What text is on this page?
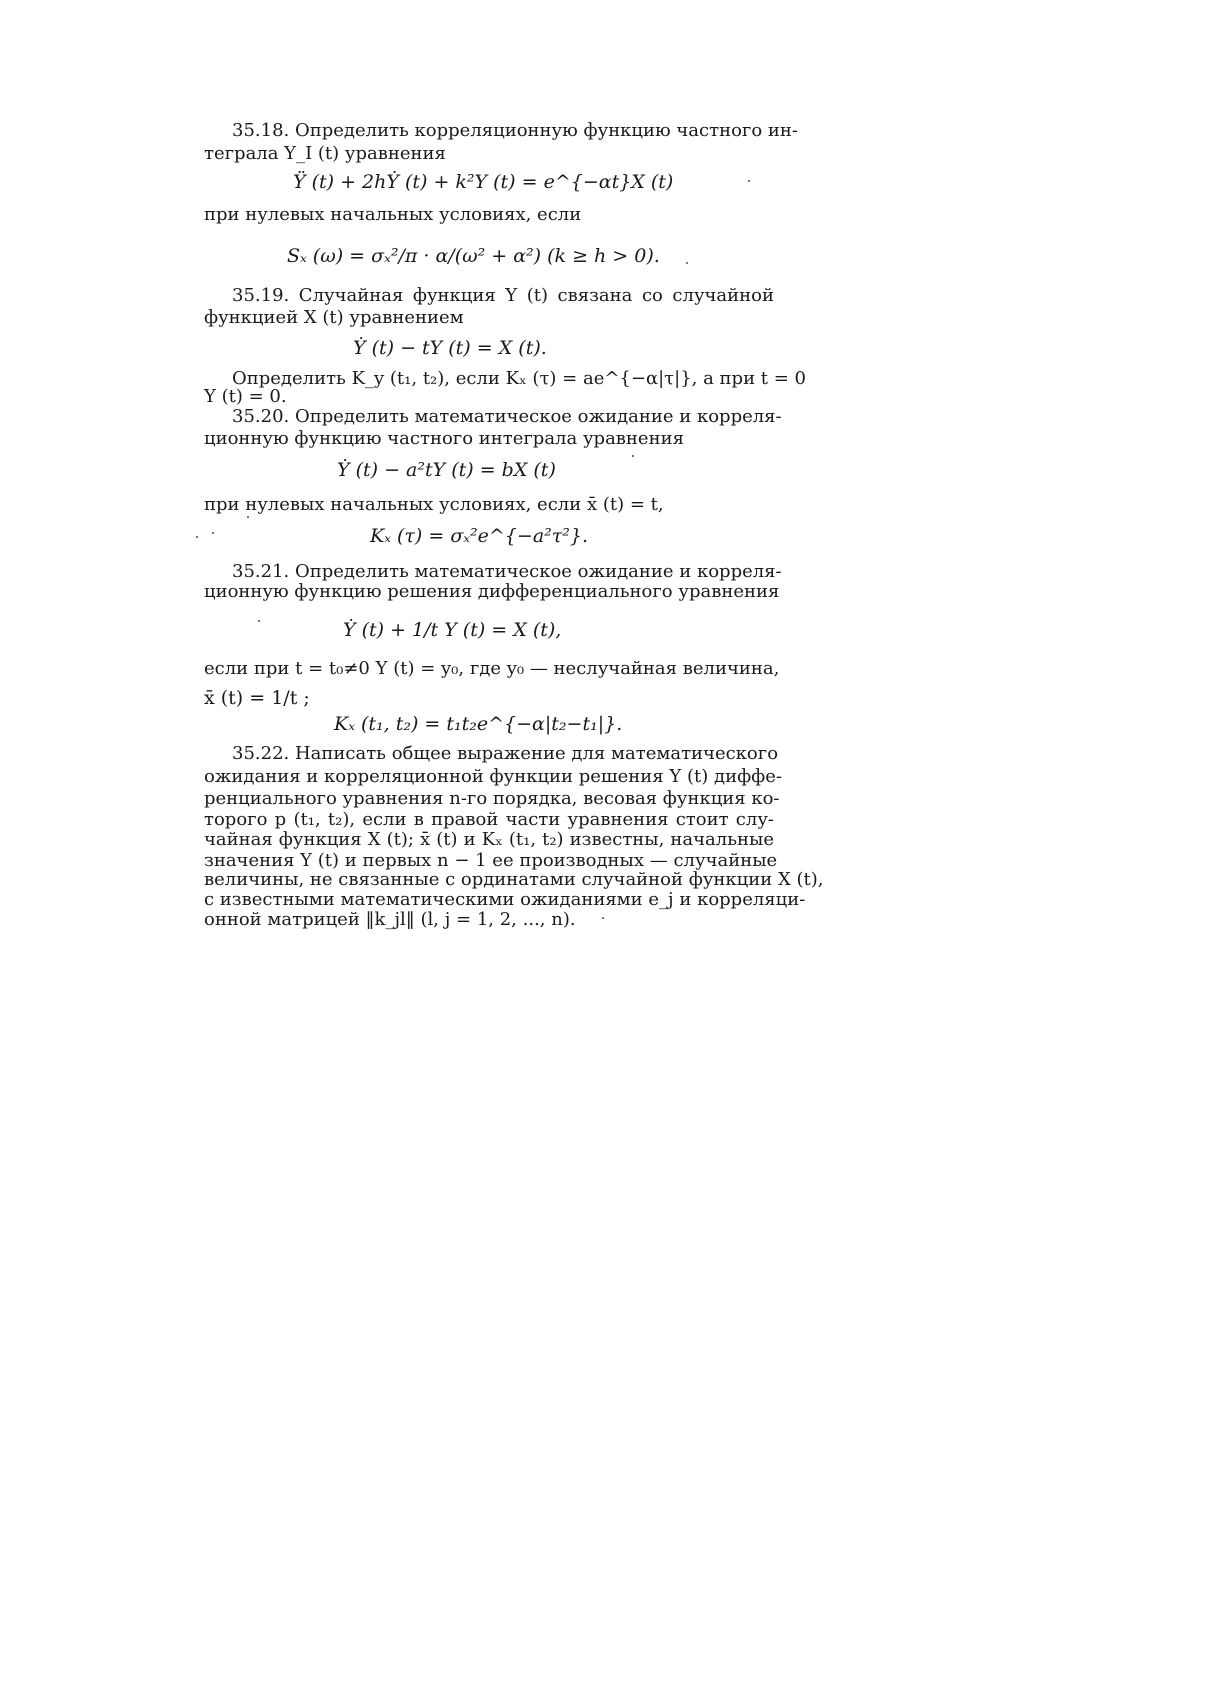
35.18. Определить корреляционную функцию частного ин-
теграла Y_I (t) уравнения
Ÿ (t) + 2hẎ (t) + k²Y (t) = e^{−αt}X (t)
при нулевых начальных условиях, если
Sₓ (ω) = σₓ²/π · α/(ω² + α²) (k ≥ h > 0).
35.19. Случайная функция Y (t) связана со случайной
функцией X (t) уравнением
Ẏ (t) − tY (t) = X (t).
Определить K_y (t₁, t₂), если Kₓ (τ) = ae^{−α|τ|}, а при t = 0
Y (t) = 0.
35.20. Определить математическое ожидание и корреля-
ционную функцию частного интеграла уравнения
Ẏ (t) − a²tY (t) = bX (t)
при нулевых начальных условиях, если x̄ (t) = t,
Kₓ (τ) = σₓ²e^{−a²τ²}.
35.21. Определить математическое ожидание и корреля-
ционную функцию решения дифференциального уравнения
Ẏ (t) + 1/t Y (t) = X (t),
если при t = t₀≠0 Y (t) = y₀, где y₀ — неслучайная величина,
x̄ (t) = 1/t ;
Kₓ (t₁, t₂) = t₁t₂e^{−α|t₂−t₁|}.
35.22. Написать общее выражение для математического
ожидания и корреляционной функции решения Y (t) диффе-
ренциального уравнения n-го порядка, весовая функция ко-
торого p (t₁, t₂), если в правой части уравнения стоит слу-
чайная функция X (t); x̄ (t) и Kₓ (t₁, t₂) известны, начальные
значения Y (t) и первых n − 1 ее производных — случайные
величины, не связанные с ординатами случайной функции X (t),
с известными математическими ожиданиями e_j и корреляци-
онной матрицей ‖k_jl‖ (l, j = 1, 2, ..., n).
